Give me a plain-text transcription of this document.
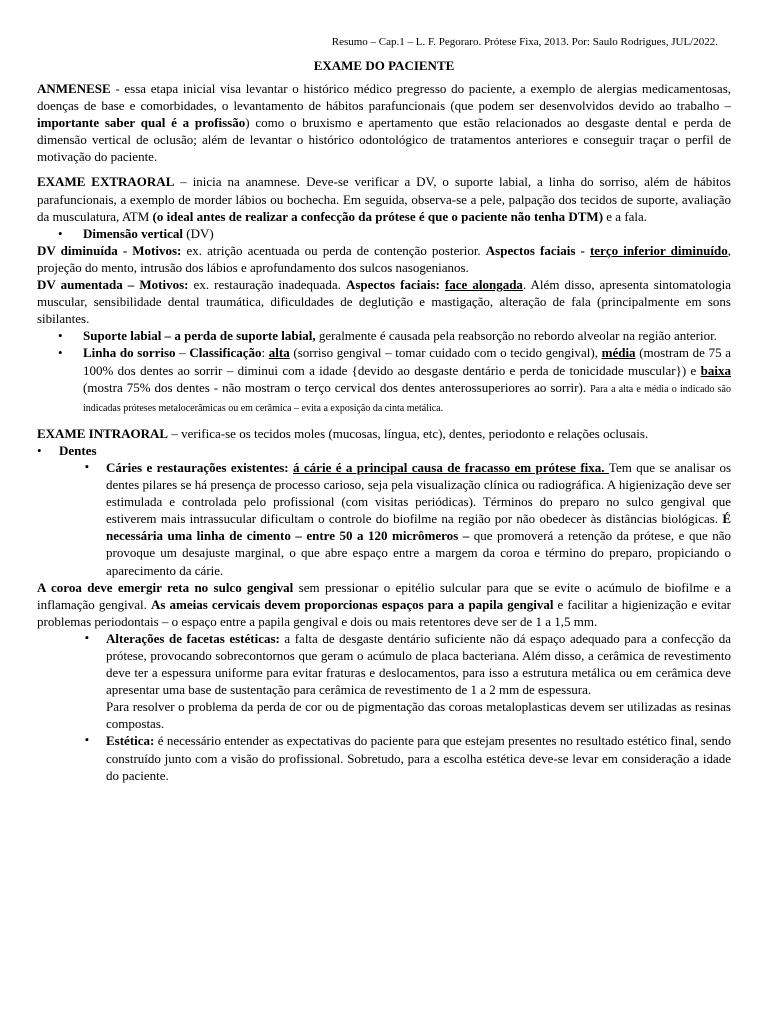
Resumo – Cap.1 – L. F. Pegoraro. Prótese Fixa, 2013. Por: Saulo Rodrigues, JUL/2022.
EXAME DO PACIENTE

ANMENESE - essa etapa inicial visa levantar o histórico médico pregresso do paciente, a exemplo de alergias medicamentosas, doenças de base e comorbidades, o levantamento de hábitos parafuncionais (que podem ser desenvolvidos devido ao trabalho – importante saber qual é a profissão) como o bruxismo e apertamento que estão relacionados ao desgaste dental e perda de dimensão vertical de oclusão; além de levantar o histórico odontológico de tratamentos anteriores e conseguir traçar o perfil de motivação do paciente.

EXAME EXTRAORAL – inicia na anamnese. Deve-se verificar a DV, o suporte labial, a linha do sorriso, além de hábitos parafuncionais, a exemplo de morder lábios ou bochecha. Em seguida, observa-se a pele, palpação dos tecidos de suporte, avaliação da musculatura, ATM (o ideal antes de realizar a confecção da prótese é que o paciente não tenha DTM) e a fala.

• Dimensão vertical (DV)

DV diminuída - Motivos: ex. atrição acentuada ou perda de contenção posterior. Aspectos faciais - terço inferior diminuído, projeção do mento, intrusão dos lábios e aprofundamento dos sulcos nasogenianos.

DV aumentada – Motivos: ex. restauração inadequada. Aspectos faciais: face alongada. Além disso, apresenta sintomatologia muscular, sensibilidade dental traumática, dificuldades de deglutição e mastigação, alteração de fala (principalmente em sons sibilantes.

• Suporte labial – a perda de suporte labial, geralmente é causada pela reabsorção no rebordo alveolar na região anterior.
• Linha do sorriso – Classificação: alta (sorriso gengival – tomar cuidado com o tecido gengival), média (mostram de 75 a 100% dos dentes ao sorrir – diminui com a idade {devido ao desgaste dentário e perda de tonicidade muscular}) e baixa (mostra 75% dos dentes - não mostram o terço cervical dos dentes anterossuperiores ao sorrir). Para a alta e média o indicado são indicadas próteses metalocerâmicas ou em cerâmica – evita a exposição da cinta metálica.

EXAME INTRAORAL – verifica-se os tecidos moles (mucosas, língua, etc), dentes, periodonto e relações oclusais.

• Dentes
▪ Cáries e restaurações existentes: á cárie é a principal causa de fracasso em prótese fixa. Tem que se analisar os dentes pilares se há presença de processo carioso, seja pela visualização clínica ou radiográfica. A higienização deve ser estimulada e controlada pelo profissional (com visitas periódicas). Términos do preparo no sulco gengival que estiverem mais intrassucular dificultam o controle do biofilme na região por não obedecer às distâncias biológicas. É necessária uma linha de cimento – entre 50 a 120 micrômeros – que promoverá a retenção da prótese, e que não provoque um desajuste marginal, o que abre espaço entre a margem da coroa e término do preparo, propiciando o aparecimento da cárie.

A coroa deve emergir reta no sulco gengival sem pressionar o epitélio sulcular para que se evite o acúmulo de biofilme e a inflamação gengival. As ameias cervicais devem proporcionas espaços para a papila gengival e facilitar a higienização e evitar problemas periodontais – o espaço entre a papila gengival e dois ou mais retentores deve ser de 1 a 1,5 mm.

▪ Alterações de facetas estéticas: a falta de desgaste dentário suficiente não dá espaço adequado para a confecção da prótese, provocando sobrecontornos que geram o acúmulo de placa bacteriana. Além disso, a cerâmica de revestimento deve ter a espessura uniforme para evitar fraturas e deslocamentos, para isso a estrutura metálica ou em cerâmica deve apresentar uma base de sustentação para cerâmica de revestimento de 1 a 2 mm de espessura.

Para resolver o problema da perda de cor ou de pigmentação das coroas metaloplasticas devem ser utilizadas as resinas compostas.

▪ Estética: é necessário entender as expectativas do paciente para que estejam presentes no resultado estético final, sendo construído junto com a visão do profissional. Sobretudo, para a escolha estética deve-se levar em consideração a idade do paciente.
